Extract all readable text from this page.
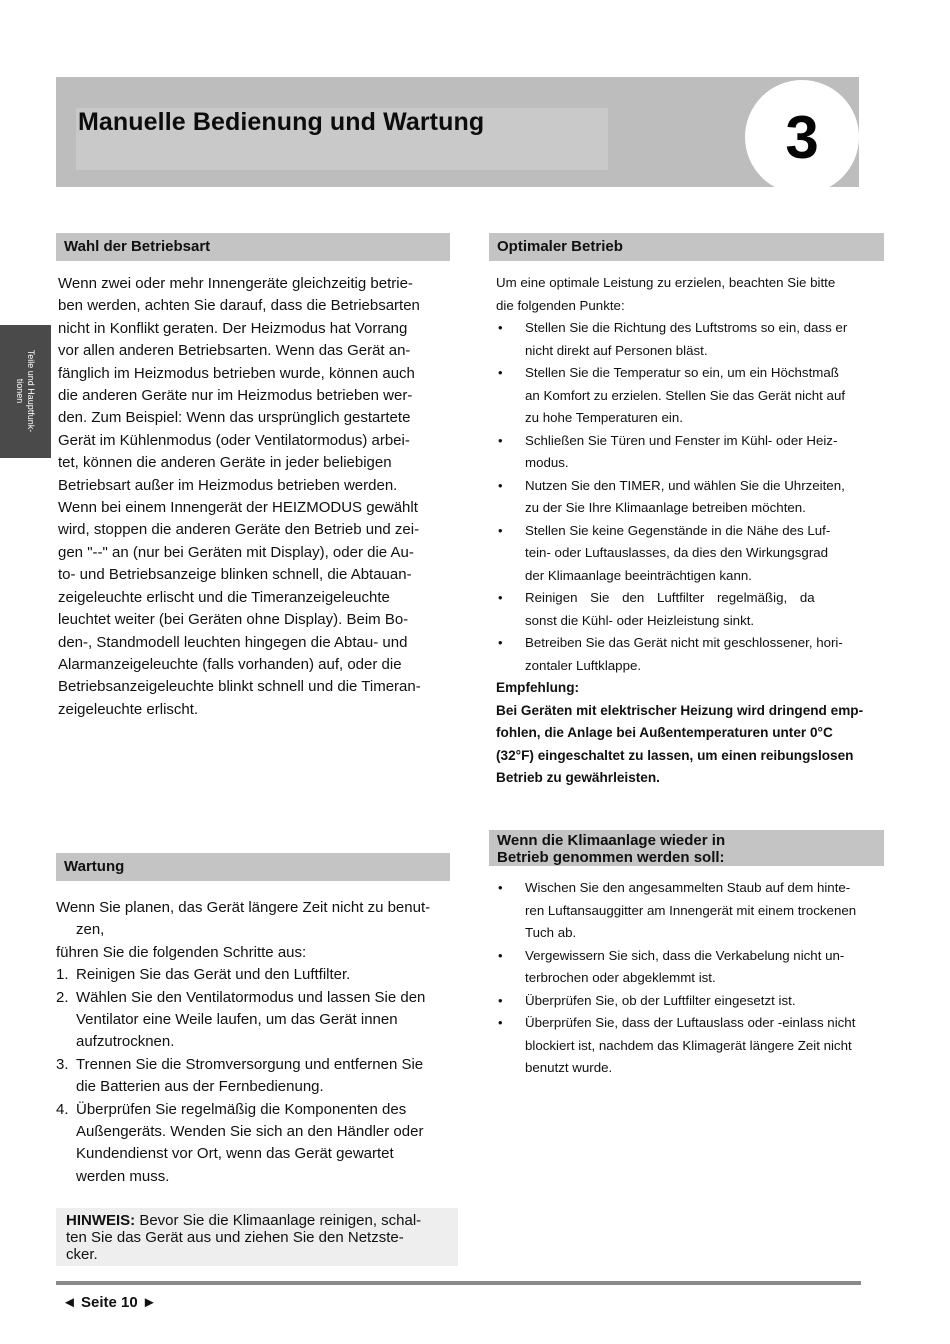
Manuelle Bedienung und Wartung	3
Teile und Hauptfunk-
tionen
Wahl der Betriebsart
Wenn zwei oder mehr Innengeräte gleichzeitig betrie-
ben werden, achten Sie darauf, dass die Betriebsarten
nicht in Konflikt geraten. Der Heizmodus hat Vorrang
vor allen anderen Betriebsarten. Wenn das Gerät an-
fänglich im Heizmodus betrieben wurde, können auch
die anderen Geräte nur im Heizmodus betrieben wer-
den. Zum Beispiel: Wenn das ursprünglich gestartete
Gerät im Kühlenmodus (oder Ventilatormodus) arbei-
tet, können die anderen Geräte in jeder beliebigen
Betriebsart außer im Heizmodus betrieben werden.
Wenn bei einem Innengerät der HEIZMODUS gewählt
wird, stoppen die anderen Geräte den Betrieb und zei-
gen "--" an (nur bei Geräten mit Display), oder die Au-
to- und Betriebsanzeige blinken schnell, die Abtauan-
zeigeleuchte erlischt und die Timeranzeigeleuchte
leuchtet weiter (bei Geräten ohne Display). Beim Bo-
den-, Standmodell leuchten hingegen die Abtau- und
Alarmanzeigeleuchte (falls vorhanden) auf, oder die
Betriebsanzeigeleuchte blinkt schnell und die Timeran-
zeigeleuchte erlischt.
Optimaler Betrieb
Um eine optimale Leistung zu erzielen, beachten Sie bitte
die folgenden Punkte:
• Stellen Sie die Richtung des Luftstroms so ein, dass er
nicht direkt auf Personen bläst.
• Stellen Sie die Temperatur so ein, um ein Höchstmaß
an Komfort zu erzielen. Stellen Sie das Gerät nicht auf
zu hohe Temperaturen ein.
• Schließen Sie Türen und Fenster im Kühl- oder Heiz-
modus.
• Nutzen Sie den TIMER, und wählen Sie die Uhrzeiten,
zu der Sie Ihre Klimaanlage betreiben möchten.
• Stellen Sie keine Gegenstände in die Nähe des Luf-
tein- oder Luftauslasses, da dies den Wirkungsgrad
der Klimaanlage beeinträchtigen kann.
• Reinigen Sie den Luftfilter regelmäßig, da
sonst die Kühl- oder Heizleistung sinkt.
• Betreiben Sie das Gerät nicht mit geschlossener, hori-
zontaler Luftklappe.
Empfehlung:
Bei Geräten mit elektrischer Heizung wird dringend emp-
fohlen, die Anlage bei Außentemperaturen unter 0°C
(32°F) eingeschaltet zu lassen, um einen reibungslosen
Betrieb zu gewährleisten.
Wartung
Wenn Sie planen, das Gerät längere Zeit nicht zu benut-
zen,
führen Sie die folgenden Schritte aus:
1. Reinigen Sie das Gerät und den Luftfilter.
2. Wählen Sie den Ventilatormodus und lassen Sie den
Ventilator eine Weile laufen, um das Gerät innen
aufzutrocknen.
3. Trennen Sie die Stromversorgung und entfernen Sie
die Batterien aus der Fernbedienung.
4. Überprüfen Sie regelmäßig die Komponenten des
Außengeräts. Wenden Sie sich an den Händler oder
Kundendienst vor Ort, wenn das Gerät gewartet
werden muss.
Wenn die Klimaanlage wieder in
Betrieb genommen werden soll:
• Wischen Sie den angesammelten Staub auf dem hinte-
ren Luftansauggitter am Innengerät mit einem trockenen
Tuch ab.
• Vergewissern Sie sich, dass die Verkabelung nicht un-
terbrochen oder abgeklemmt ist.
• Überprüfen Sie, ob der Luftfilter eingesetzt ist.
• Überprüfen Sie, dass der Luftauslass oder -einlass nicht
blockiert ist, nachdem das Klimagerät längere Zeit nicht
benutzt wurde.
HINWEIS: Bevor Sie die Klimaanlage reinigen, schal-
ten Sie das Gerät aus und ziehen Sie den Netzste-
cker.
◄ Seite 10 ►
